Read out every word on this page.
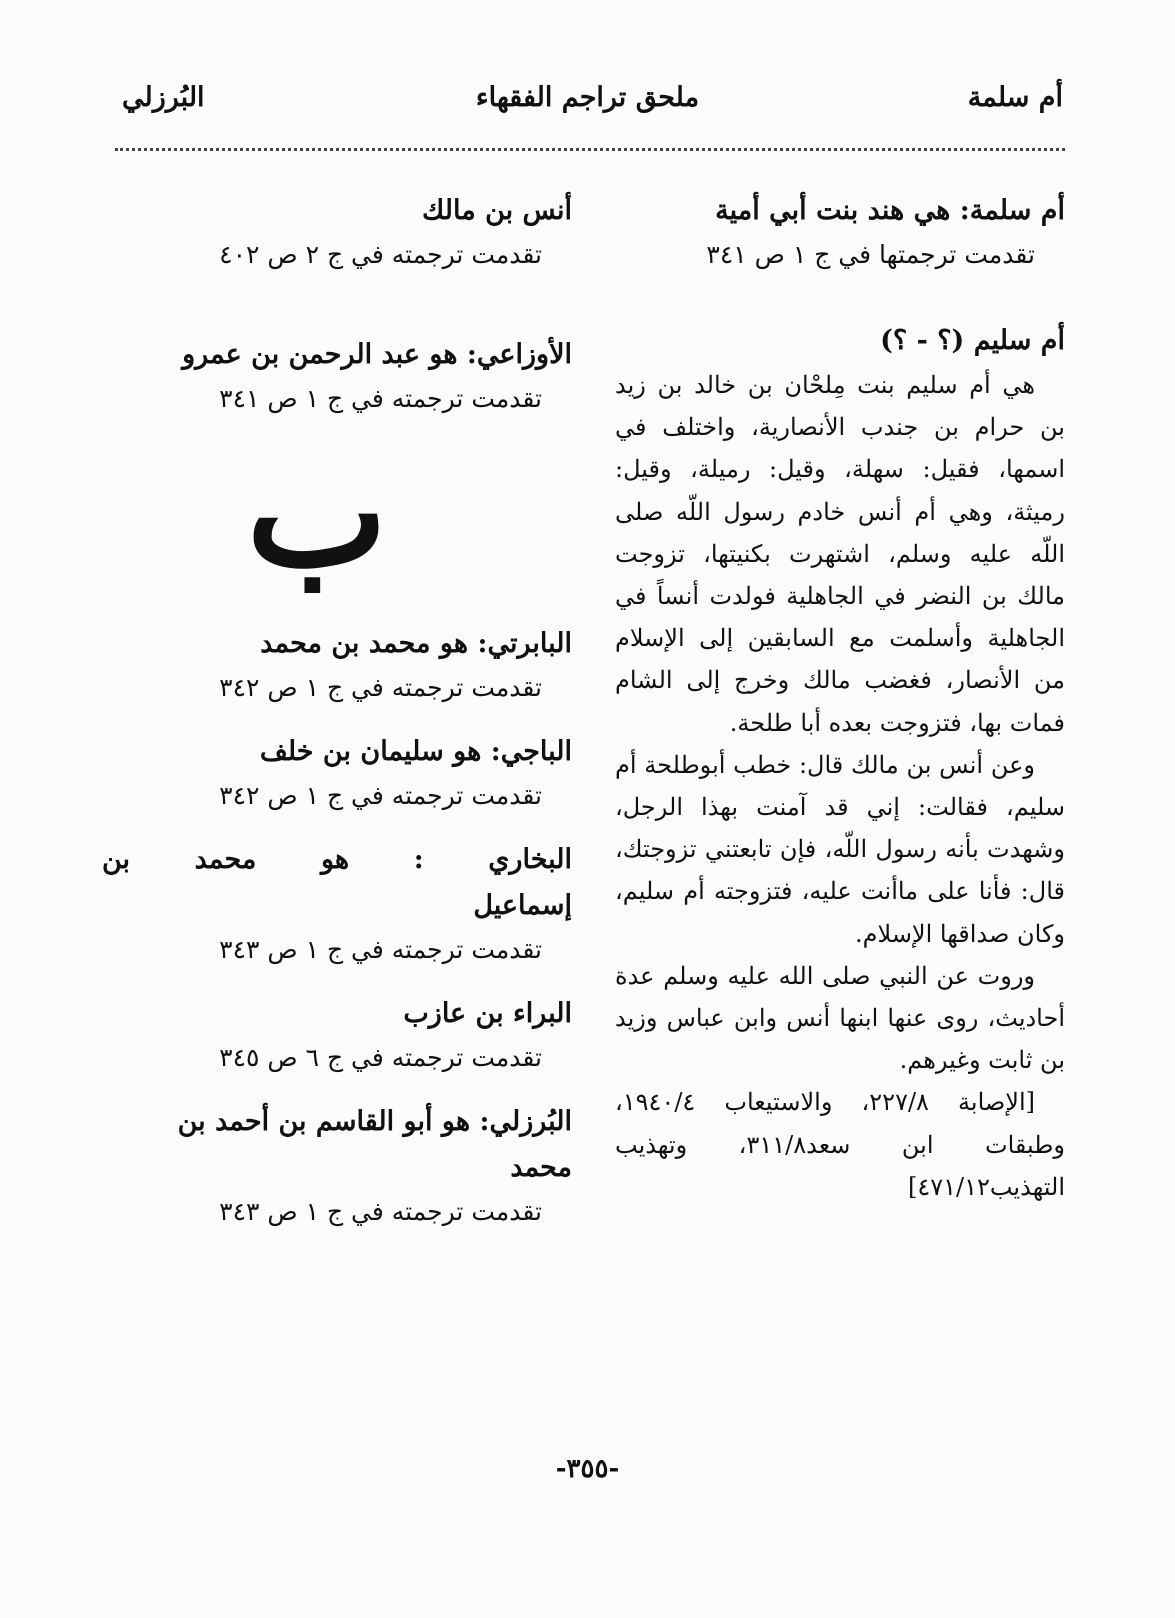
أم سلمة
ملحق تراجم الفقهاء
البُرزلي
أم سلمة: هي هند بنت أبي أمية
تقدمت ترجمتها في ج ١ ص ٣٤١
أم سليم (؟ - ؟)

هي أم سليم بنت مِلحْان بن خالد بن زيد بن حرام بن جندب الأنصارية، واختلف في اسمها، فقيل: سهلة، وقيل: رميلة، وقيل: رميثة، وهي أم أنس خادم رسول اللّه صلى اللّه عليه وسلم، اشتهرت بكنيتها، تزوجت مالك بن النضر في الجاهلية فولدت أنساً في الجاهلية وأسلمت مع السابقين إلى الإسلام من الأنصار، فغضب مالك وخرج إلى الشام فمات بها، فتزوجت بعده أبا طلحة.

وعن أنس بن مالك قال: خطب أبوطلحة أم سليم، فقالت: إني قد آمنت بهذا الرجل، وشهدت بأنه رسول اللّه، فإن تابعتني تزوجتك، قال: فأنا على ماأنت عليه، فتزوجته أم سليم، وكان صداقها الإسلام.

وروت عن النبي صلى الله عليه وسلم عدة أحاديث، روى عنها ابنها أنس وابن عباس وزيد بن ثابت وغيرهم.

[الإصابة ٢٢٧/٨، والاستيعاب ١٩٤٠/٤، وطبقات ابن سعد٣١١/٨، وتهذيب التهذيب٤٧١/١٢]

أنس بن مالك
تقدمت ترجمته في ج ٢ ص ٤٠٢
الأوزاعي: هو عبد الرحمن بن عمرو
تقدمت ترجمته في ج ١ ص ٣٤١
ب
البابرتي: هو محمد بن محمد
تقدمت ترجمته في ج ١ ص ٣٤٢
الباجي: هو سليمان بن خلف
تقدمت ترجمته في ج ١ ص ٣٤٢
البخاري : هو محمد بن
إسماعيل
تقدمت ترجمته في ج ١ ص ٣٤٣
البراء بن عازب
تقدمت ترجمته في ج ٦ ص ٣٤٥
البُرزلي: هو أبو القاسم بن أحمد بن
محمد
تقدمت ترجمته في ج ١ ص ٣٤٣
-٣٥٥-
